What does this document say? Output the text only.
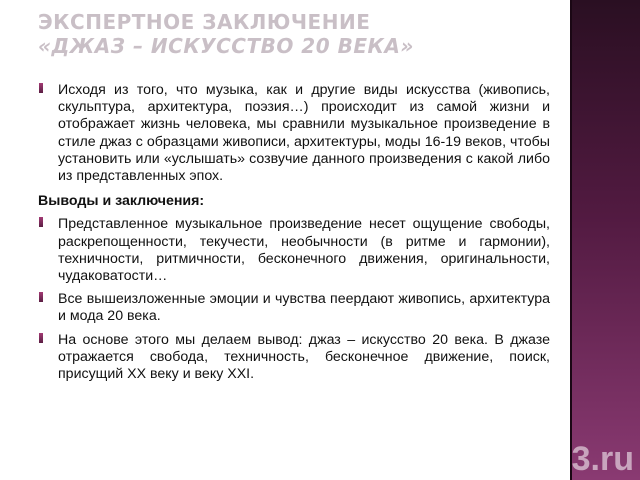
ЭКСПЕРТНОЕ ЗАКЛЮЧЕНИЕ
«ДЖАЗ – ИСКУССТВО 20 ВЕКА»

Исходя из того, что музыка, как и другие виды искусства (живопись, скульптура, архитектура, поэзия…) происходит из самой жизни и отображает жизнь человека, мы сравнили музыкальное произведение в стиле джаз с образцами живописи, архитектуры, моды 16-19 веков, чтобы установить или «услышать» созвучие данного произведения с какой либо из представленных эпох.

Выводы и заключения:

Представленное музыкальное произведение несет ощущение свободы, раскрепощенности, текучести, необычности (в ритме и гармонии), техничности, ритмичности, бесконечного движения, оригинальности, чудаковатости…

Все вышеизложенные эмоции и чувства пеердают живопись, архитектура и мода 20 века.

На основе этого мы делаем вывод: джаз – искусство 20 века. В джазе отражается свобода, техничность, бесконечное движение, поиск, присущий XX веку и веку XXI.

3.ru
